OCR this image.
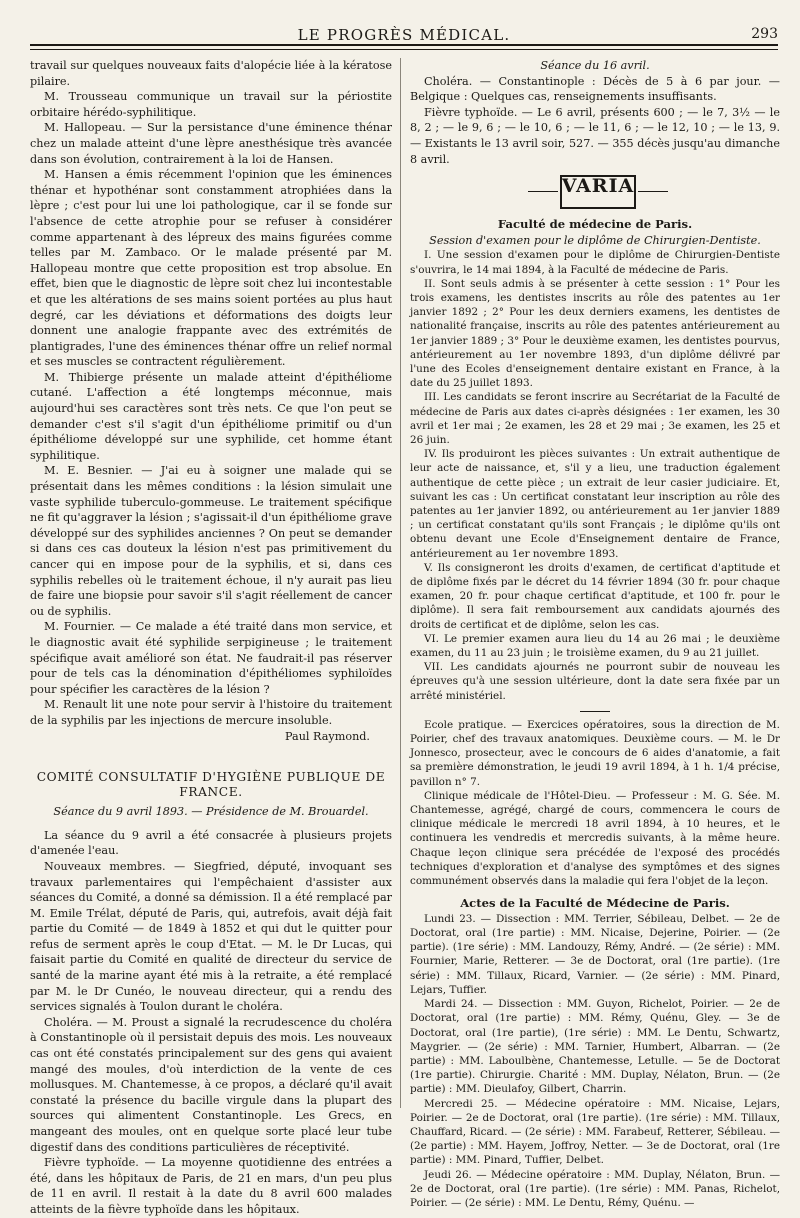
LE PROGRÈS MÉDICAL.	293

travail sur quelques nouveaux faits d'alopécie liée à la kératose pilaire.

M. Trousseau communique un travail sur la périostite orbitaire hérédo-syphilitique.

M. Hallopeau. — Sur la persistance d'une éminence thénar chez un malade atteint d'une lèpre anesthésique très avancée dans son évolution, contrairement à la loi de Hansen.

M. Hansen a émis récemment l'opinion que les éminences thénar et hypothénar sont constamment atrophiées dans la lèpre ; c'est pour lui une loi pathologique, car il se fonde sur l'absence de cette atrophie pour se refuser à considérer comme appartenant à des lépreux des mains figurées comme telles par M. Zambaco. Or le malade présenté par M. Hallopeau montre que cette proposition est trop absolue. En effet, bien que le diagnostic de lèpre soit chez lui incontestable et que les altérations de ses mains soient portées au plus haut degré, car les déviations et déformations des doigts leur donnent une analogie frappante avec des extrémités de plantigrades, l'une des éminences thénar offre un relief normal et ses muscles se contractent régulièrement.

M. Thibierge présente un malade atteint d'épithéliome cutané. L'affection a été longtemps méconnue, mais aujourd'hui ses caractères sont très nets. Ce que l'on peut se demander c'est s'il s'agit d'un épithéliome primitif ou d'un épithéliome développé sur une syphilide, cet homme étant syphilitique.

M. E. Besnier. — J'ai eu à soigner une malade qui se présentait dans les mêmes conditions : la lésion simulait une vaste syphilide tuberculo-gommeuse. Le traitement spécifique ne fit qu'aggraver la lésion ; s'agissait-il d'un épithéliome grave développé sur des syphilides anciennes ? On peut se demander si dans ces cas douteux la lésion n'est pas primitivement du cancer qui en impose pour de la syphilis, et si, dans ces syphilis rebelles où le traitement échoue, il n'y aurait pas lieu de faire une biopsie pour savoir s'il s'agit réellement de cancer ou de syphilis.

M. Fournier. — Ce malade a été traité dans mon service, et le diagnostic avait été syphilide serpigineuse ; le traitement spécifique avait amélioré son état. Ne faudrait-il pas réserver pour de tels cas la dénomination d'épithéliomes syphiloïdes pour spécifier les caractères de la lésion ?

M. Renault lit une note pour servir à l'histoire du traitement de la syphilis par les injections de mercure insoluble.

Paul Raymond.

COMITÉ CONSULTATIF D'HYGIÈNE PUBLIQUE DE FRANCE.

Séance du 9 avril 1893. — Présidence de M. Brouardel.

La séance du 9 avril a été consacrée à plusieurs projets d'amenée l'eau.

Nouveaux membres. — Siegfried, député, invoquant ses travaux parlementaires qui l'empêchaient d'assister aux séances du Comité, a donné sa démission. Il a été remplacé par M. Emile Trélat, député de Paris, qui, autrefois, avait déjà fait partie du Comité — de 1849 à 1852 et qui dut le quitter pour refus de serment après le coup d'Etat. — M. le Dr Lucas, qui faisait partie du Comité en qualité de directeur du service de santé de la marine ayant été mis à la retraite, a été remplacé par M. le Dr Cunéo, le nouveau directeur, qui a rendu des services signalés à Toulon durant le choléra.

Choléra. — M. Proust a signalé la recrudescence du choléra à Constantinople où il persistait depuis des mois. Les nouveaux cas ont été constatés principalement sur des gens qui avaient mangé des moules, d'où interdiction de la vente de ces mollusques. M. Chantemesse, à ce propos, a déclaré qu'il avait constaté la présence du bacille virgule dans la plupart des sources qui alimentent Constantinople. Les Grecs, en mangeant des moules, ont en quelque sorte placé leur tube digestif dans des conditions particulières de réceptivité.

Fièvre typhoïde. — La moyenne quotidienne des entrées a été, dans les hôpitaux de Paris, de 21 en mars, d'un peu plus de 11 en avril. Il restait à la date du 8 avril 600 malades atteints de la fièvre typhoïde dans les hôpitaux.

Séance du 16 avril.

Choléra. — Constantinople : Décès de 5 à 6 par jour. — Belgique : Quelques cas, renseignements insuffisants.

Fièvre typhoïde. — Le 6 avril, présents 600 ; — le 7, 3½ — le 8, 2 ; — le 9, 6 ; — le 10, 6 ; — le 11, 6 ; — le 12, 10 ; — le 13, 9. — Existants le 13 avril soir, 527. — 355 décès jusqu'au dimanche 8 avril.

VARIA

Faculté de médecine de Paris.

Session d'examen pour le diplôme de Chirurgien-Dentiste.

I. Une session d'examen pour le diplôme de Chirurgien-Dentiste s'ouvrira, le 14 mai 1894, à la Faculté de médecine de Paris.

II. Sont seuls admis à se présenter à cette session : 1° Pour les trois examens, les dentistes inscrits au rôle des patentes au 1er janvier 1892 ; 2° Pour les deux derniers examens, les dentistes de nationalité française, inscrits au rôle des patentes antérieurement au 1er janvier 1889 ; 3° Pour le deuxième examen, les dentistes pourvus, antérieurement au 1er novembre 1893, d'un diplôme délivré par l'une des Ecoles d'enseignement dentaire existant en France, à la date du 25 juillet 1893.

III. Les candidats se feront inscrire au Secrétariat de la Faculté de médecine de Paris aux dates ci-après désignées : 1er examen, les 30 avril et 1er mai ; 2e examen, les 28 et 29 mai ; 3e examen, les 25 et 26 juin.

IV. Ils produiront les pièces suivantes : Un extrait authentique de leur acte de naissance, et, s'il y a lieu, une traduction également authentique de cette pièce ; un extrait de leur casier judiciaire. Et, suivant les cas : Un certificat constatant leur inscription au rôle des patentes au 1er janvier 1892, ou antérieurement au 1er janvier 1889 ; un certificat constatant qu'ils sont Français ; le diplôme qu'ils ont obtenu devant une Ecole d'Enseignement dentaire de France, antérieurement au 1er novembre 1893.

V. Ils consigneront les droits d'examen, de certificat d'aptitude et de diplôme fixés par le décret du 14 février 1894 (30 fr. pour chaque examen, 20 fr. pour chaque certificat d'aptitude, et 100 fr. pour le diplôme). Il sera fait remboursement aux candidats ajournés des droits de certificat et de diplôme, selon les cas.

VI. Le premier examen aura lieu du 14 au 26 mai ; le deuxième examen, du 11 au 23 juin ; le troisième examen, du 9 au 21 juillet.

VII. Les candidats ajournés ne pourront subir de nouveau les épreuves qu'à une session ultérieure, dont la date sera fixée par un arrêté ministériel.

Ecole pratique. — Exercices opératoires, sous la direction de M. Poirier, chef des travaux anatomiques. Deuxième cours. — M. le Dr Jonnesco, prosecteur, avec le concours de 6 aides d'anatomie, a fait sa première démonstration, le jeudi 19 avril 1894, à 1 h. 1/4 précise, pavillon n° 7.

Clinique médicale de l'Hôtel-Dieu. — Professeur : M. G. Sée. M. Chantemesse, agrégé, chargé de cours, commencera le cours de clinique médicale le mercredi 18 avril 1894, à 10 heures, et le continuera les vendredis et mercredis suivants, à la même heure. Chaque leçon clinique sera précédée de l'exposé des procédés techniques d'exploration et d'analyse des symptômes et des signes communément observés dans la maladie qui fera l'objet de la leçon.

Actes de la Faculté de Médecine de Paris.

Lundi 23. — Dissection : MM. Terrier, Sébileau, Delbet. — 2e de Doctorat, oral (1re partie) : MM. Nicaise, Dejerine, Poirier. — (2e partie). (1re série) : MM. Landouzy, Rémy, André. — (2e série) : MM. Fournier, Marie, Retterer. — 3e de Doctorat, oral (1re partie). (1re série) : MM. Tillaux, Ricard, Varnier. — (2e série) : MM. Pinard, Lejars, Tuffier.

Mardi 24. — Dissection : MM. Guyon, Richelot, Poirier. — 2e de Doctorat, oral (1re partie) : MM. Rémy, Quénu, Gley. — 3e de Doctorat, oral (1re partie), (1re série) : MM. Le Dentu, Schwartz, Maygrier. — (2e série) : MM. Tarnier, Humbert, Albarran. — (2e partie) : MM. Laboulbène, Chantemesse, Letulle. — 5e de Doctorat (1re partie). Chirurgie. Charité : MM. Duplay, Nélaton, Brun. — (2e partie) : MM. Dieulafoy, Gilbert, Charrin.

Mercredi 25. — Médecine opératoire : MM. Nicaise, Lejars, Poirier. — 2e de Doctorat, oral (1re partie). (1re série) : MM. Tillaux, Chauffard, Ricard. — (2e série) : MM. Farabeuf, Retterer, Sébileau. — (2e partie) : MM. Hayem, Joffroy, Netter. — 3e de Doctorat, oral (1re partie) : MM. Pinard, Tuffier, Delbet.

Jeudi 26. — Médecine opératoire : MM. Duplay, Nélaton, Brun. — 2e de Doctorat, oral (1re partie). (1re série) : MM. Panas, Richelot, Poirier. — (2e série) : MM. Le Dentu, Rémy, Quénu. —
